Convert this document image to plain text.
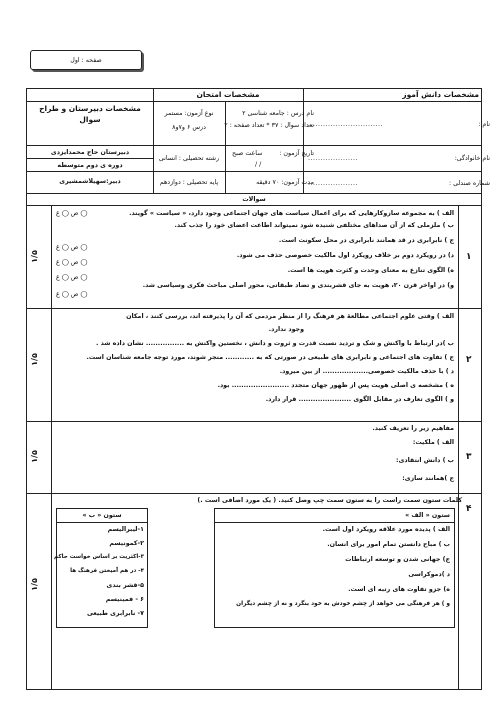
صفحه : اول
مشخصات دانش آموز
مشخصات امتحان
مشخصات دبیرستان و طراح سوال
نام :
..............................
نام خانوادگی:
....................
شماره صندلی :
....................
نام درس : جامعه شناسی ۲
تعداد سوال : ۳۷ * تعداد صفحه : ۲
نوع آزمون: مستمر
درس ۶ و۷و۸
تاریخ آزمون :
ساعت صبح
/ /
رشته تحصیلی : انسانی
مدت آزمون: ۷۰ دقیقه
پایه تحصیلی : دوازدهم
دبیرستان حاج محمدایزدی
دوره ی دوم متوسطه
دبیر:سهیلاشمشیری
سوالات
۱
۱/۵
الف ) به مجموعه سازوکارهایی که برای اعمال سیاست های جهان اجتماعی وجود دارد، « سیاست » گویند.
ب ) ملزملی که از آن صداهای مختلفی شنیده شود نمیتواند اطاعت اعضای خود را جذب کند.
ج ) نابرابری در قد همانند نابرابری در محل سکونت است.
د) در رویکرد دوم بر خلاف رویکرد اول مالکیت خصوصی حذف می شود.
ه) الگوی تنازع به معنای وحدت و کثرت هویت ها است.
و) در اواخر قرن ۲۰، هویت به جای قشربندی و تضاد طبقاتی، محور اصلی مباحث فکری وسیاسی شد.
ص ◯ غ ◯
ص ◯ غ ◯
ص ◯ غ ◯
ص ◯ غ ◯
ص ◯ غ ◯
۲
۱/۵
الف ) وقتی علوم اجتماعی مطالعهٔ هر فرهنگ را از منظر مردمی که آن را پذیرفته اند، بررسی کنند ، امکان
وجود ندارد.
ب )در ارتباط با واکنش و شک و تردید نسبت قدرت و ثروت و دانش ، نخستین واکنش به ................ نشان داده شد .
ج ) تفاوت های اجتماعی و نابرابری های طبیعی در صورتی که به ............ منجر شوند، مورد توجه جامعه شناسان است.
د ) با حذف مالکیت خصوصی................... از بین میرود.
ه ) مشخصه ی اصلی هویت پس از ظهور جهان متجدد ........................ بود.
و ) الگوی تعارف در مقابل الگوی ...................... قرار دارد.
۳
۱/۵
مفاهیم زیر را تعریف کنید.
الف ) ملکیت:
ب ) دانش انتقادی:
ج )همانند سازی:
۴
۱/۵
کلمات ستون سمت راست را به ستون سمت چپ وصل کنید. ( یک مورد اضافی است .)
ستون « الف »
الف ) پدیده مورد علاقه رویکرد اول است.
ب ) مباح دانستن تمام امور برای انسان.
ج) جهانی شدن و توسعه ارتباطات
د )دموکراسی
ه) جزو تفاوت های رتبه ای است.
و ) هر فرهنگی می خواهد از چشم خودش به خود بنگرد و نه از چشم دیگران
ستون « ب »
۱-لیبرالیسم
۲-کمونیسم
۳-اکثریت بر اساس خواست حاکم
۴- در هم آمیختن فرهنگ ها
۵-قشر بندی
۶ - فمینیسم
۷- نابرابری طبیعی
